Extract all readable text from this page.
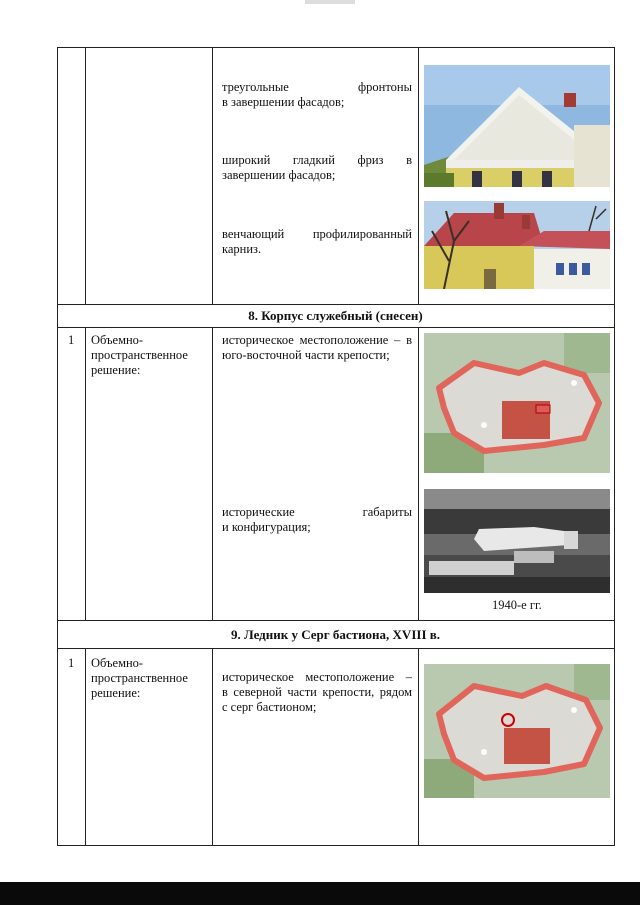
треугольные фронтоны
в завершении фасадов;
широкий гладкий фриз в
завершении фасадов;
венчающий профилированный
карниз.
8. Корпус служебный (снесен)
1 Объемно-
пространственное
решение:
историческое местоположение – в
юго-восточной части крепости;
исторические габариты
и конфигурация;
1940-е гг.
9. Ледник у Серг бастиона, XVIII в.
1 Объемно-
пространственное
решение:
историческое местоположение –
в северной части крепости, рядом
с серг бастионом;
